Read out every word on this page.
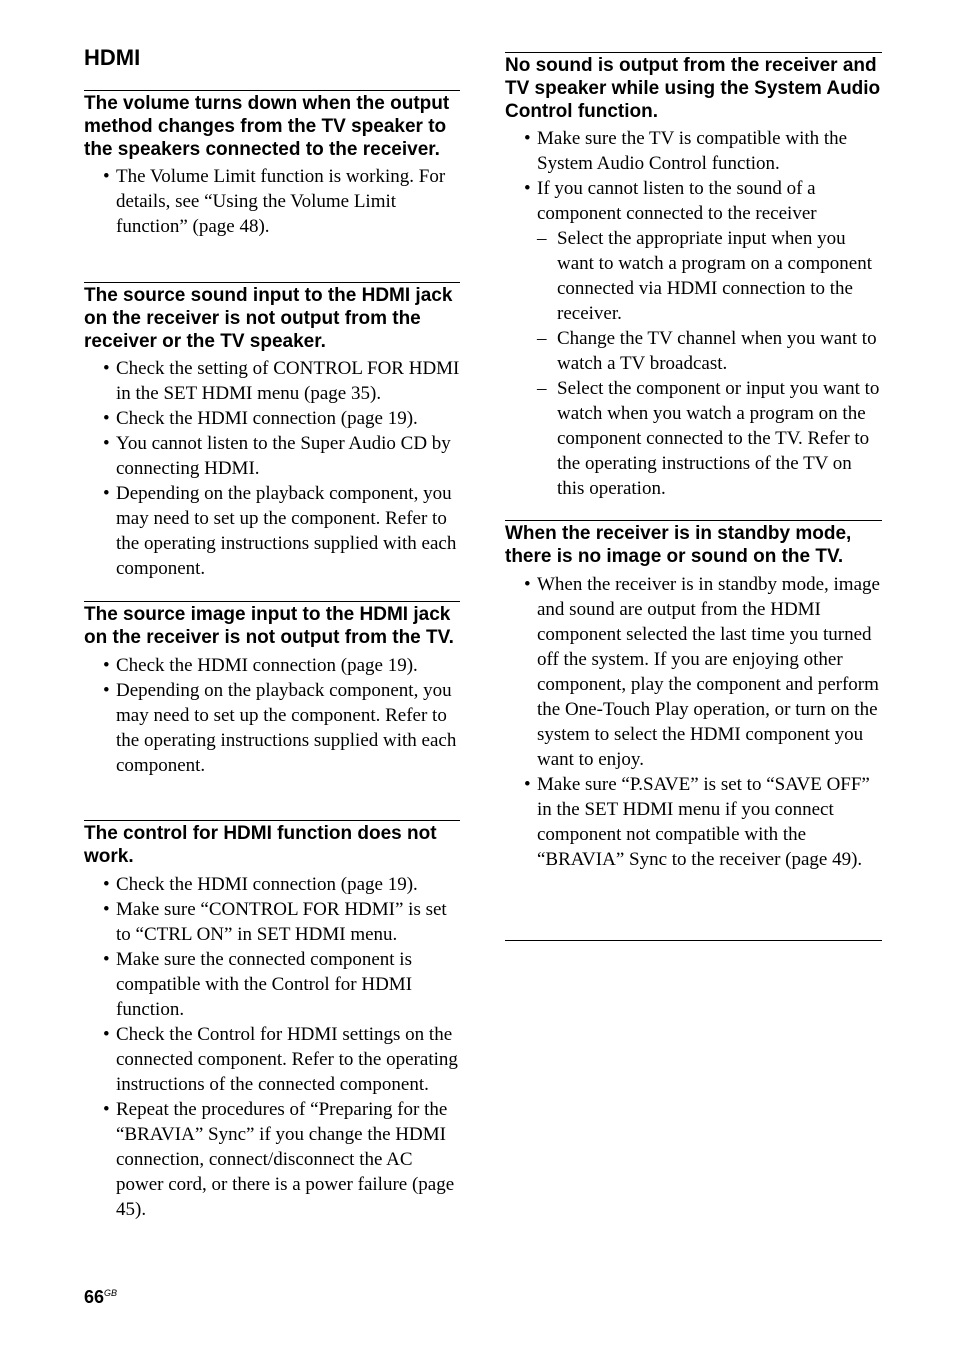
HDMI
The volume turns down when the output method changes from the TV speaker to the speakers connected to the receiver.
• The Volume Limit function is working. For details, see “Using the Volume Limit function” (page 48).
The source sound input to the HDMI jack on the receiver is not output from the receiver or the TV speaker.
• Check the setting of CONTROL FOR HDMI in the SET HDMI menu (page 35).
• Check the HDMI connection (page 19).
• You cannot listen to the Super Audio CD by connecting HDMI.
• Depending on the playback component, you may need to set up the component. Refer to the operating instructions supplied with each component.
The source image input to the HDMI jack on the receiver is not output from the TV.
• Check the HDMI connection (page 19).
• Depending on the playback component, you may need to set up the component. Refer to the operating instructions supplied with each component.
The control for HDMI function does not work.
• Check the HDMI connection (page 19).
• Make sure “CONTROL FOR HDMI” is set to “CTRL ON” in SET HDMI menu.
• Make sure the connected component is compatible with the Control for HDMI function.
• Check the Control for HDMI settings on the connected component. Refer to the operating instructions of the connected component.
• Repeat the procedures of “Preparing for the “BRAVIA” Sync” if you change the HDMI connection, connect/disconnect the AC power cord, or there is a power failure (page 45).
No sound is output from the receiver and TV speaker while using the System Audio Control function.
• Make sure the TV is compatible with the System Audio Control function.
• If you cannot listen to the sound of a component connected to the receiver
– Select the appropriate input when you want to watch a program on a component connected via HDMI connection to the receiver.
– Change the TV channel when you want to watch a TV broadcast.
– Select the component or input you want to watch when you watch a program on the component connected to the TV. Refer to the operating instructions of the TV on this operation.
When the receiver is in standby mode, there is no image or sound on the TV.
• When the receiver is in standby mode, image and sound are output from the HDMI component selected the last time you turned off the system. If you are enjoying other component, play the component and perform the One-Touch Play operation, or turn on the system to select the HDMI component you want to enjoy.
• Make sure “P.SAVE” is set to “SAVE OFF” in the SET HDMI menu if you connect component not compatible with the “BRAVIA” Sync to the receiver (page 49).
$66^{GB}$
